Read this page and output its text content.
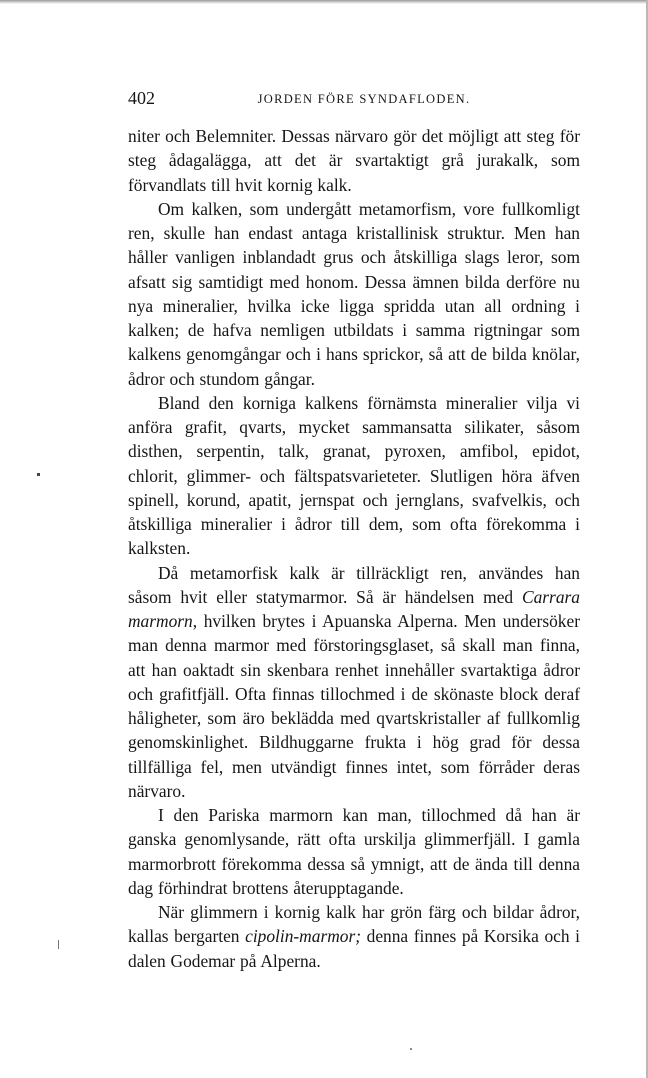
402	JORDEN FÖRE SYNDAFLODEN.

niter och Belemniter. Dessas närvaro gör det möjligt att steg för steg ådagalägga, att det är svartaktigt grå jurakalk, som förvandlats till hvit kornig kalk.

Om kalken, som undergått metamorfism, vore fullkomligt ren, skulle han endast antaga kristallinisk struktur. Men han håller vanligen inblandadt grus och åtskilliga slags leror, som afsatt sig samtidigt med honom. Dessa ämnen bilda derföre nu nya mineralier, hvilka icke ligga spridda utan all ordning i kalken; de hafva nemligen utbildats i samma rigtningar som kalkens genomgångar och i hans sprickor, så att de bilda knölar, ådror och stundom gångar.

Bland den korniga kalkens förnämsta mineralier vilja vi anföra grafit, qvarts, mycket sammansatta silikater, såsom disthen, serpentin, talk, granat, pyroxen, amfibol, epidot, chlorit, glimmer- och fältspatsvarieteter. Slutligen höra äfven spinell, korund, apatit, jernspat och jernglans, svafvelkis, och åtskilliga mineralier i ådror till dem, som ofta förekomma i kalksten.

Då metamorfisk kalk är tillräckligt ren, användes han såsom hvit eller statymarmor. Så är händelsen med Carrara marmorn, hvilken brytes i Apuanska Alperna. Men undersöker man denna marmor med förstoringsglaset, så skall man finna, att han oaktadt sin skenbara renhet innehåller svartaktiga ådror och grafitfjäll. Ofta finnas tillochmed i de skönaste block deraf håligheter, som äro beklädda med qvartskristaller af fullkomlig genomskinlighet. Bildhuggarne frukta i hög grad för dessa tillfälliga fel, men utvändigt finnes intet, som förråder deras närvaro.

I den Pariska marmorn kan man, tillochmed då han är ganska genomlysande, rätt ofta urskilja glimmerfjäll. I gamla marmorbrott förekomma dessa så ymnigt, att de ända till denna dag förhindrat brottens återupptagande.

När glimmern i kornig kalk har grön färg och bildar ådror, kallas bergarten cipolin-marmor; denna finnes på Korsika och i dalen Godemar på Alperna.
